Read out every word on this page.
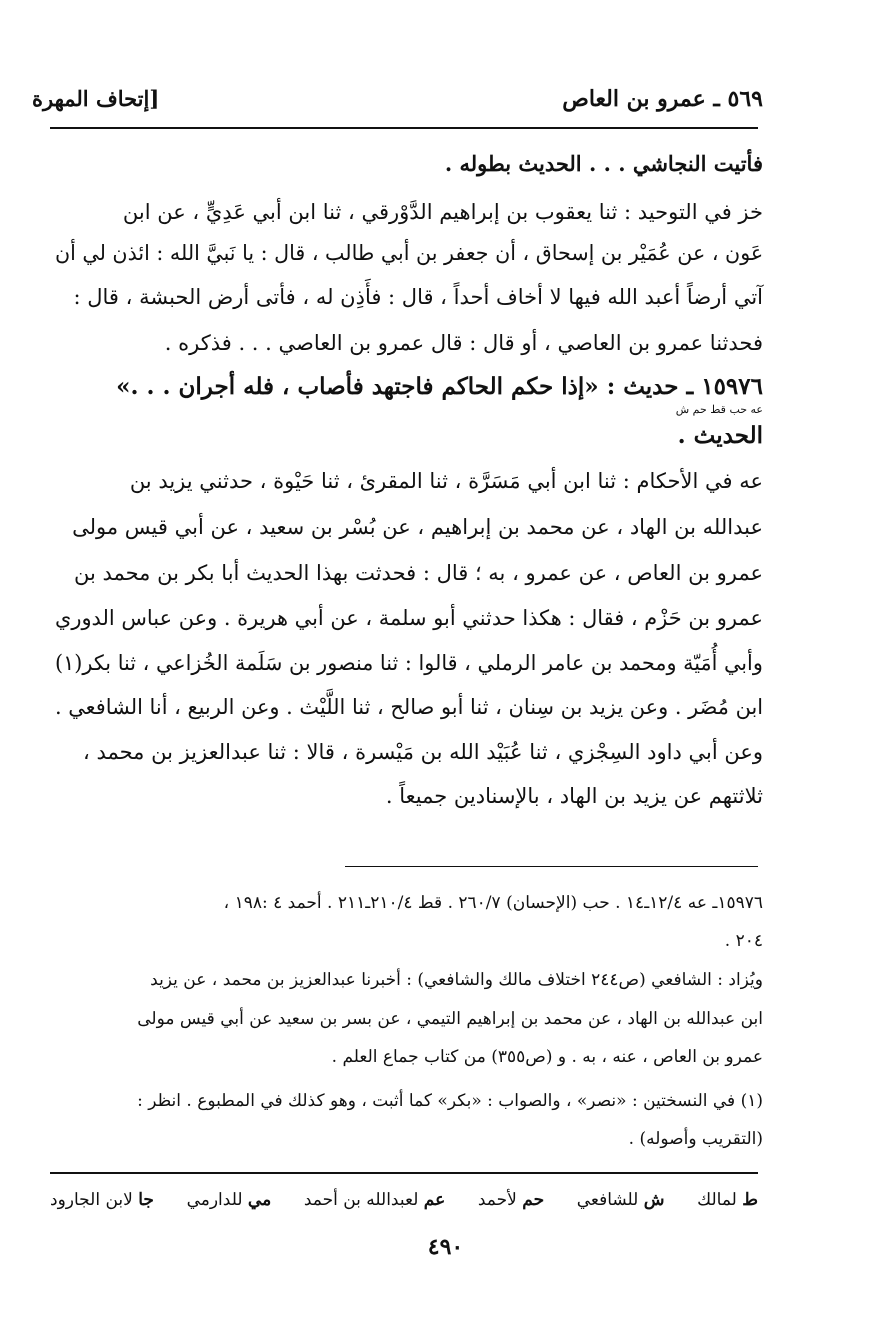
٥٦٩ ـ عمرو بن العاص
[إتحاف المهرة
فأتيت النجاشي . . . الحديث بطوله .
خز في التوحيد : ثنا يعقوب بن إبراهيم الدَّوْرقي ، ثنا ابن أبي عَدِيٍّ ، عن ابن
عَون ، عن عُمَيْر بن إسحاق ، أن جعفر بن أبي طالب ، قال : يا نَبيَّ الله : ائذن لي أن
آتي أرضاً أعبد الله فيها لا أخاف أحداً ، قال : فأَذِن له ، فأتى أرض الحبشة ، قال :
فحدثنا عمرو بن العاصي ، أو قال : قال عمرو بن العاصي . . . فذكره .
١٥٩٧٦ ـ حديث : «إذا حكم الحاكم فاجتهد فأصاب ، فله أجران . . .»
عه حب قط حم ش
الحديث .
عه في الأحكام : ثنا ابن أبي مَسَرَّة ، ثنا المقرئ ، ثنا حَيْوة ، حدثني يزيد بن
عبدالله بن الهاد ، عن محمد بن إبراهيم ، عن بُسْر بن سعيد ، عن أبي قيس مولى
عمرو بن العاص ، عن عمرو ، به ؛ قال : فحدثت بهذا الحديث أبا بكر بن محمد بن
عمرو بن حَزْم ، فقال : هكذا حدثني أبو سلمة ، عن أبي هريرة . وعن عباس الدوري
وأبي أُمَيّة ومحمد بن عامر الرملي ، قالوا : ثنا منصور بن سَلَمة الخُزاعي ، ثنا بكر(١)
ابن مُضَر . وعن يزيد بن سِنان ، ثنا أبو صالح ، ثنا اللَّيْث . وعن الربيع ، أنا الشافعي .
وعن أبي داود السِجْزي ، ثنا عُبَيْد الله بن مَيْسرة ، قالا : ثنا عبدالعزيز بن محمد ،
ثلاثتهم عن يزيد بن الهاد ، بالإسنادين جميعاً .
١٥٩٧٦ـ عه ١٢/٤ـ١٤ . حب (الإحسان) ٢٦٠/٧ . قط ٢١٠/٤ـ٢١١ . أحمد ٤ :١٩٨ ،
٢٠٤ .
ويُزاد : الشافعي (ص٢٤٤ اختلاف مالك والشافعي) : أخبرنا عبدالعزيز بن محمد ، عن يزيد
ابن عبدالله بن الهاد ، عن محمد بن إبراهيم التيمي ، عن بسر بن سعيد عن أبي قيس مولى
عمرو بن العاص ، عنه ، به . و (ص٣٥٥) من كتاب جماع العلم .
(١) في النسختين : «نصر» ، والصواب : «بكر» كما أثبت ، وهو كذلك في المطبوع . انظر :
(التقريب وأصوله) .
ط لمالك
ش للشافعي
حم لأحمد
عم لعبدالله بن أحمد
مي للدارمي
جا لابن الجارود
٤٩٠
